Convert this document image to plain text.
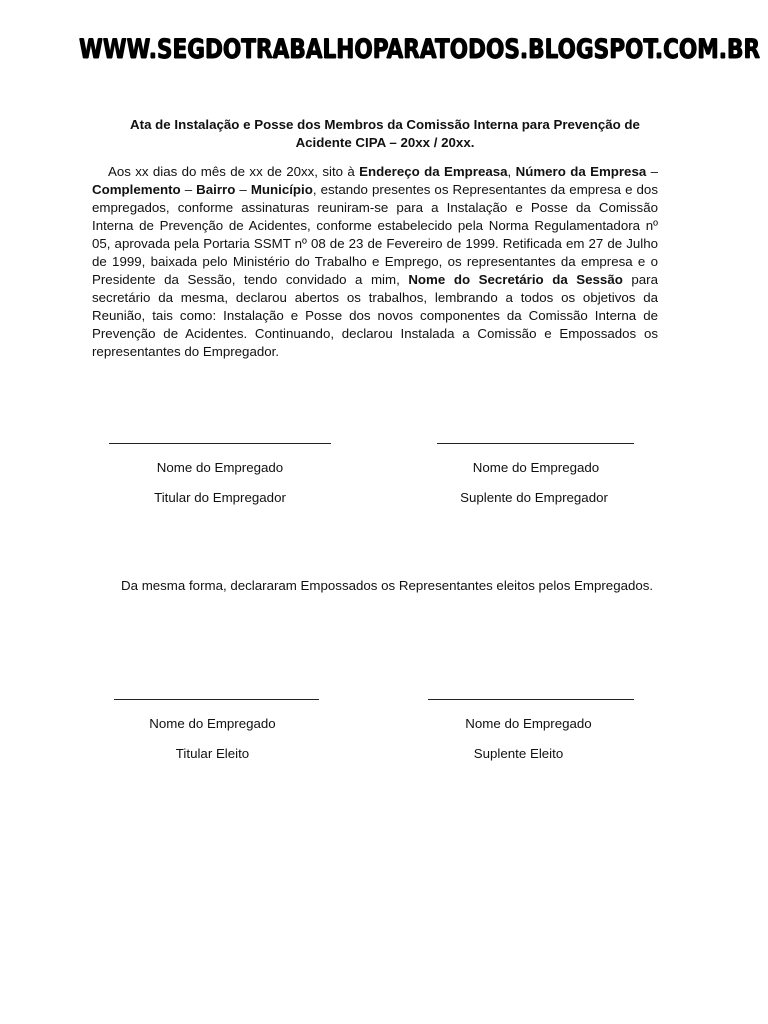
WWW.SEGDOTRABALHOPARATODOS.BLOGSPOT.COM.BR
Ata de Instalação e Posse dos Membros da Comissão Interna para Prevenção de
Acidente CIPA – 20xx / 20xx.
Aos xx dias do mês de xx de 20xx, sito à Endereço da Empreasa, Número da Empresa – Complemento – Bairro – Município, estando presentes os Representantes da empresa e dos empregados, conforme assinaturas reuniram-se para a Instalação e Posse da Comissão Interna de Prevenção de Acidentes, conforme estabelecido pela Norma Regulamentadora nº 05, aprovada pela Portaria SSMT nº 08 de 23 de Fevereiro de 1999. Retificada em 27 de Julho de 1999, baixada pelo Ministério do Trabalho e Emprego, os representantes da empresa e o Presidente da Sessão, tendo convidado a mim, Nome do Secretário da Sessão para secretário da mesma, declarou abertos os trabalhos, lembrando a todos os objetivos da Reunião, tais como: Instalação e Posse dos novos componentes da Comissão Interna de Prevenção de Acidentes. Continuando, declarou Instalada a Comissão e Empossados os representantes do Empregador.
Nome do Empregado
Titular do Empregador
Nome do Empregado
Suplente do Empregador
Da mesma forma, declararam Empossados os Representantes eleitos pelos Empregados.
Nome do Empregado
Titular Eleito
Nome do Empregado
Suplente Eleito
